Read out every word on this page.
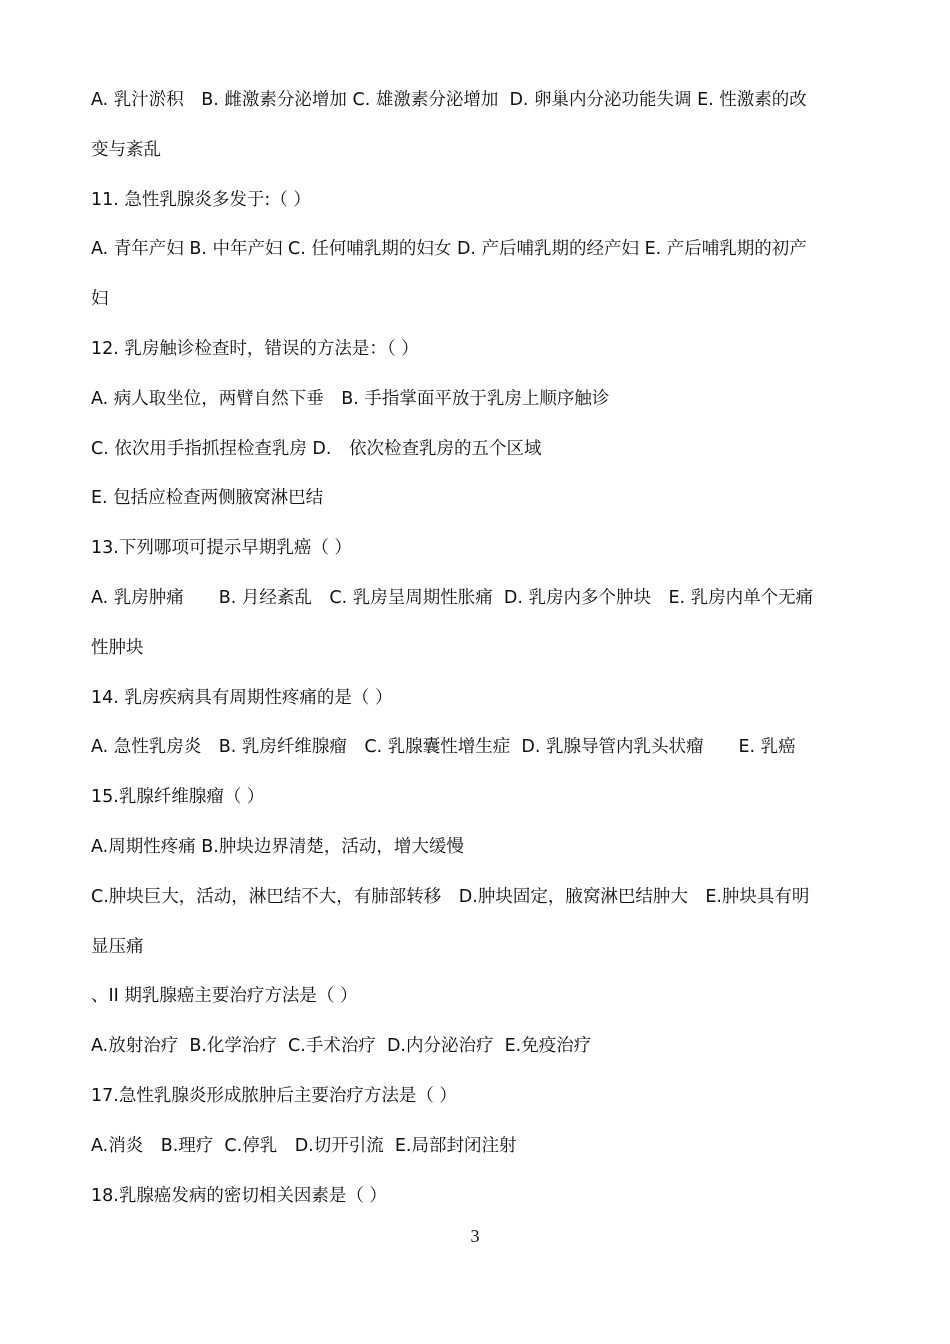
A. 乳汁淤积　B. 雌激素分泌增加 C. 雄激素分泌增加  D. 卵巢内分泌功能失调 E. 性激素的改
变与紊乱
11. 急性乳腺炎多发于:（ ）
A. 青年产妇 B. 中年产妇 C. 任何哺乳期的妇女 D. 产后哺乳期的经产妇 E. 产后哺乳期的初产
妇
12. 乳房触诊检查时，错误的方法是：（ ）
A. 病人取坐位，两臂自然下垂　B. 手指掌面平放于乳房上顺序触诊
C. 依次用手指抓捏检查乳房 D.　依次检查乳房的五个区域
E. 包括应检查两侧腋窝淋巴结
13.下列哪项可提示早期乳癌（ ）
A. 乳房肿痛　　B. 月经紊乱　C. 乳房呈周期性胀痛  D. 乳房内多个肿块　E. 乳房内单个无痛
性肿块
14. 乳房疾病具有周期性疼痛的是（ ）
A. 急性乳房炎　B. 乳房纤维腺瘤　C. 乳腺囊性增生症  D. 乳腺导管内乳头状瘤　　E. 乳癌
15.乳腺纤维腺瘤（ ）
A.周期性疼痛 B.肿块边界清楚，活动，增大缓慢
C.肿块巨大，活动，淋巴结不大，有肺部转移　D.肿块固定，腋窝淋巴结肿大　E.肿块具有明
显压痛
、II 期乳腺癌主要治疗方法是（ ）
A.放射治疗  B.化学治疗  C.手术治疗  D.内分泌治疗  E.免疫治疗
17.急性乳腺炎形成脓肿后主要治疗方法是（ ）
A.消炎　B.理疗  C.停乳　D.切开引流  E.局部封闭注射
18.乳腺癌发病的密切相关因素是（ ）
3
